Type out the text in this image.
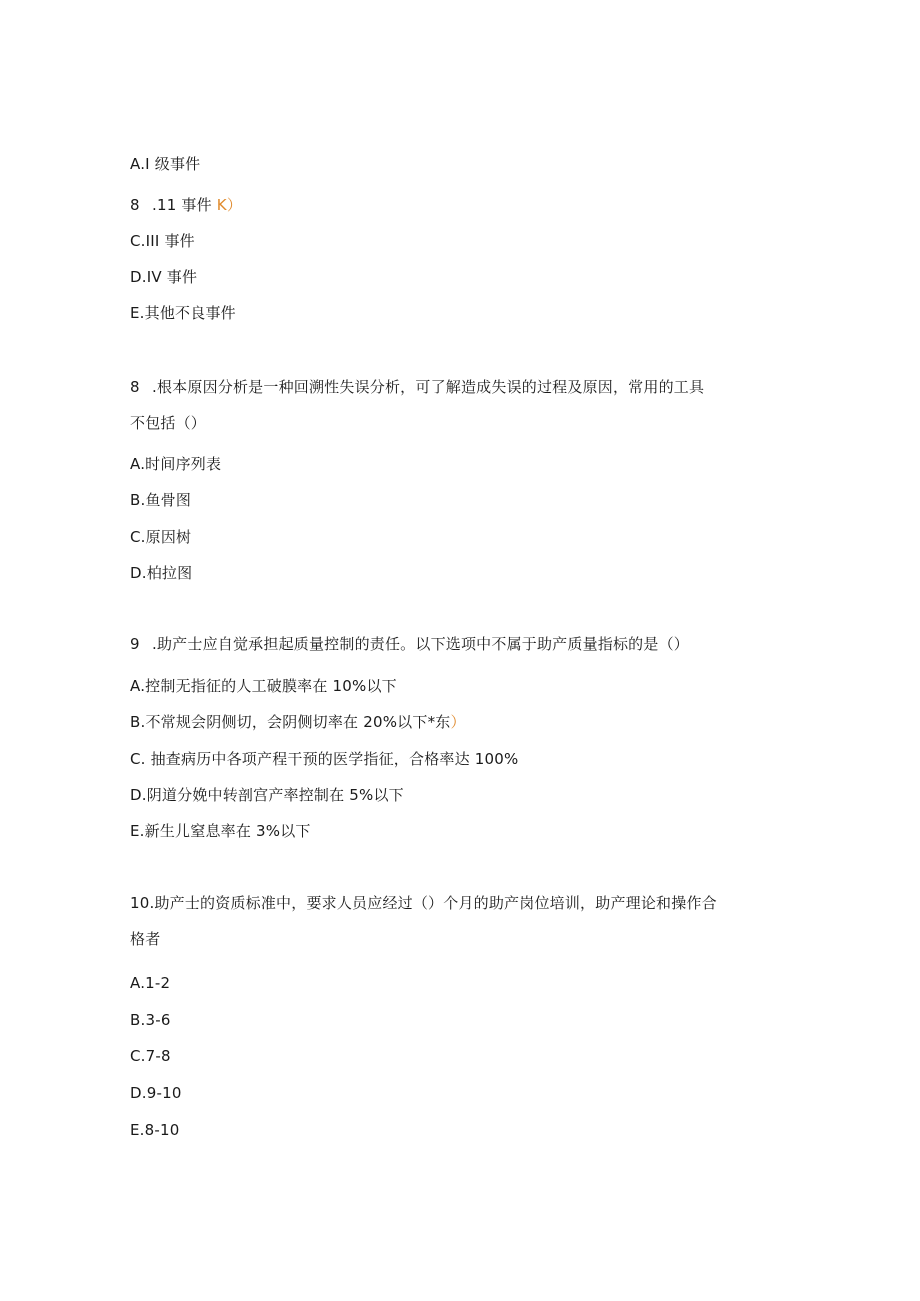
A.I 级事件
8 .11 事件 K）
C.III 事件
D.IV 事件
E.其他不良事件
8 .根本原因分析是一种回溯性失误分析，可了解造成失误的过程及原因，常用的工具
不包括（）
A.时间序列表
B.鱼骨图
C.原因树
D.柏拉图
9 .助产士应自觉承担起质量控制的责任。以下选项中不属于助产质量指标的是（）
A.控制无指征的人工破膜率在 10%以下
B.不常规会阴侧切，会阴侧切率在 20%以下*东）
C. 抽查病历中各项产程干预的医学指征，合格率达 100%
D.阴道分娩中转剖宫产率控制在 5%以下
E.新生儿窒息率在 3%以下
10.助产士的资质标准中，要求人员应经过（）个月的助产岗位培训，助产理论和操作合
格者
A.1-2
B.3-6
C.7-8
D.9-10
E.8-10
